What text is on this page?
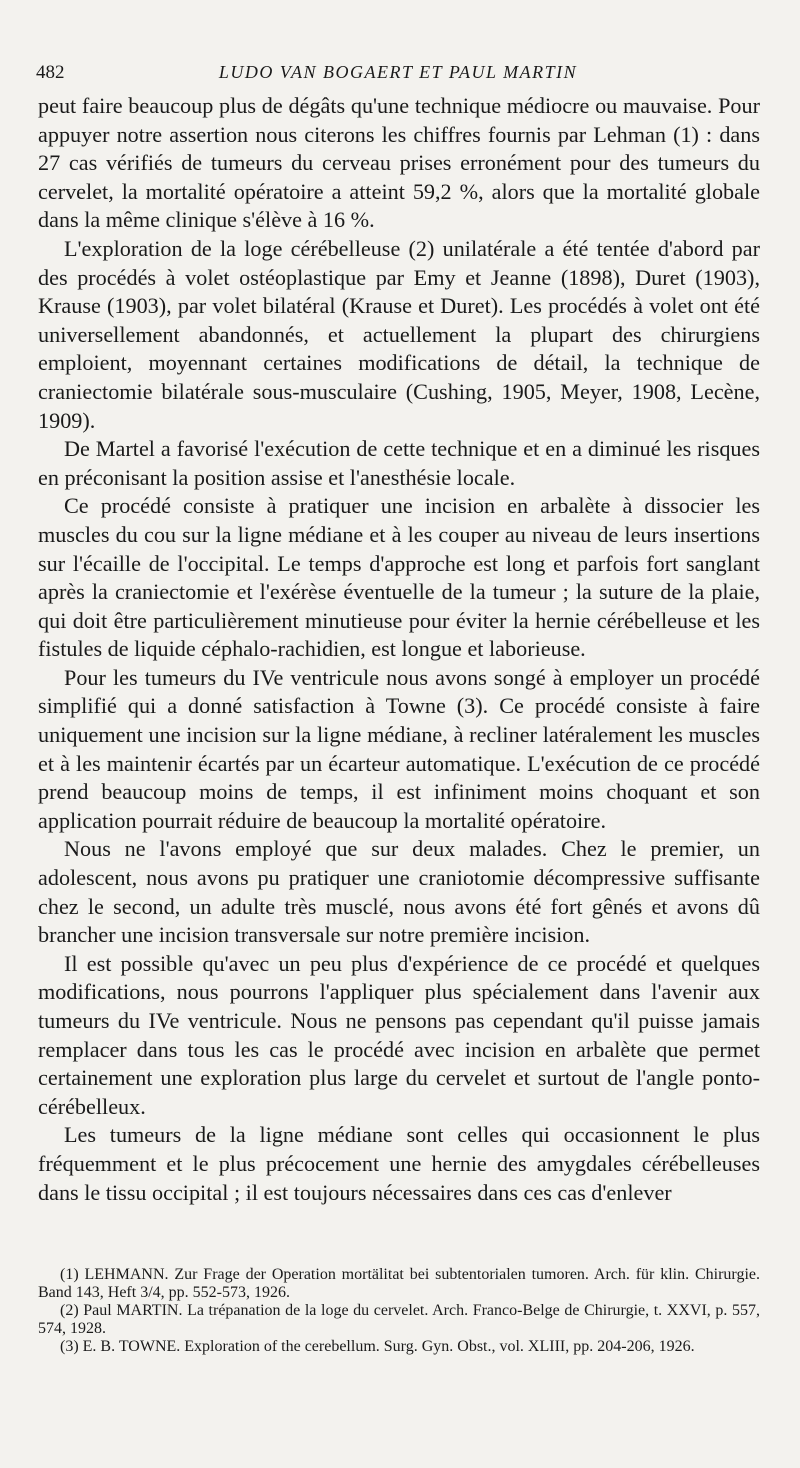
482	LUDO VAN BOGAERT ET PAUL MARTIN

peut faire beaucoup plus de dégâts qu'une technique médiocre ou mauvaise. Pour appuyer notre assertion nous citerons les chiffres fournis par Lehman (1) : dans 27 cas vérifiés de tumeurs du cerveau prises erronément pour des tumeurs du cervelet, la mortalité opératoire a atteint 59,2 %, alors que la mortalité globale dans la même clinique s'élève à 16 %.

L'exploration de la loge cérébelleuse (2) unilatérale a été tentée d'abord par des procédés à volet ostéoplastique par Emy et Jeanne (1898), Duret (1903), Krause (1903), par volet bilatéral (Krause et Duret). Les procédés à volet ont été universellement abandonnés, et actuellement la plupart des chirurgiens emploient, moyennant certaines modifications de détail, la technique de craniectomie bilatérale sous-musculaire (Cushing, 1905, Meyer, 1908, Lecène, 1909).

De Martel a favorisé l'exécution de cette technique et en a diminué les risques en préconisant la position assise et l'anesthésie locale.

Ce procédé consiste à pratiquer une incision en arbalète à dissocier les muscles du cou sur la ligne médiane et à les couper au niveau de leurs insertions sur l'écaille de l'occipital. Le temps d'approche est long et parfois fort sanglant après la craniectomie et l'exérèse éventuelle de la tumeur ; la suture de la plaie, qui doit être particulièrement minutieuse pour éviter la hernie cérébelleuse et les fistules de liquide céphalo-rachidien, est longue et laborieuse.

Pour les tumeurs du IVe ventricule nous avons songé à employer un procédé simplifié qui a donné satisfaction à Towne (3). Ce procédé consiste à faire uniquement une incision sur la ligne médiane, à recliner latéralement les muscles et à les maintenir écartés par un écarteur automatique. L'exécution de ce procédé prend beaucoup moins de temps, il est infiniment moins choquant et son application pourrait réduire de beaucoup la mortalité opératoire.

Nous ne l'avons employé que sur deux malades. Chez le premier, un adolescent, nous avons pu pratiquer une craniotomie décompressive suffisante chez le second, un adulte très musclé, nous avons été fort gênés et avons dû brancher une incision transversale sur notre première incision.

Il est possible qu'avec un peu plus d'expérience de ce procédé et quelques modifications, nous pourrons l'appliquer plus spécialement dans l'avenir aux tumeurs du IVe ventricule. Nous ne pensons pas cependant qu'il puisse jamais remplacer dans tous les cas le procédé avec incision en arbalète que permet certainement une exploration plus large du cervelet et surtout de l'angle ponto-cérébelleux.

Les tumeurs de la ligne médiane sont celles qui occasionnent le plus fréquemment et le plus précocement une hernie des amygdales cérébelleuses dans le tissu occipital ; il est toujours nécessaires dans ces cas d'enlever

(1) LEHMANN. Zur Frage der Operation mortälitat bei subtentorialen tumoren. Arch. für klin. Chirurgie. Band 143, Heft 3/4, pp. 552-573, 1926.

(2) Paul MARTIN. La trépanation de la loge du cervelet. Arch. Franco-Belge de Chirurgie, t. XXVI, p. 557, 574, 1928.

(3) E. B. TOWNE. Exploration of the cerebellum. Surg. Gyn. Obst., vol. XLIII, pp. 204-206, 1926.
